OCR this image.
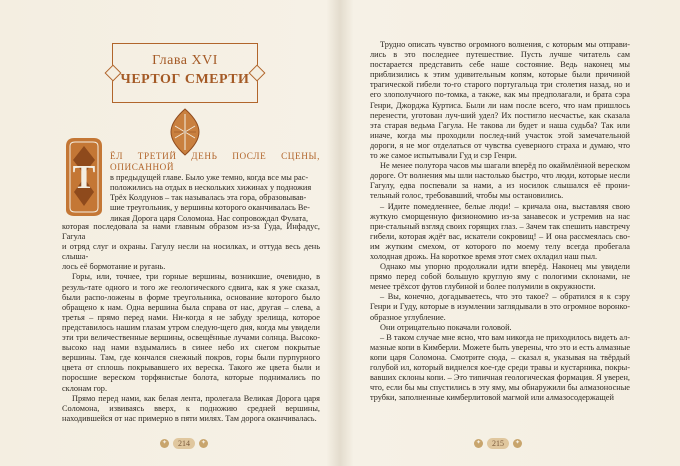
Глава XVI
ЧЕРТОГ СМЕРТИ
Т

ЁЛ ТРЕТИЙ ДЕНЬ ПОСЛЕ СЦЕНЫ, ОПИСАННОЙ

в предыдущей главе. Было уже темно, когда все мы рас-

положились на отдых в нескольких хижинах у подножия

Трёх Колдунов – так называлась эта гора, образовывав-

шие треугольник, у вершины которого оканчивалась Ве-

ликая Дорога царя Соломона. Нас сопровождал Фулата,

которая последовала за нами главным образом из-за Гуда, Инфадус, Гагула

и отряд слуг и охраны. Гагулу несли на носилках, и оттуда весь день слыша-

лось её бормотание и ругань.

Горы, или, точнее, три горные вершины, возникшие, очевидно, в резуль-тате одного и того же геологического сдвига, как я уже сказал, были распо-ложены в форме треугольника, основание которого было обращено к нам. Одна вершина была справа от нас, другая – слева, а третья – прямо перед нами. Ни-когда я не забуду зрелища, которое представилось нашим глазам утром следую-щего дня, когда мы увидели эти три величественные вершины, освещённые лучами солнца. Высоко-высоко над нами вздымались в синее небо их снегом покрытые вершины. Там, где кончался снежный покров, горы были пурпурного цвета от сплошь покрывавшего их вереска. Такого же цвета были и поросшие вереском торфянистые болота, которые поднимались по склонам гор.

Прямо перед нами, как белая лента, пролегала Великая Дорога царя Соломона, извиваясь вверх, к подножию средней вершины, находившейся от нас примерно в пяти милях. Там дорога оканчивалась.

✦	214	✦

Трудно описать чувство огромного волнения, с которым мы отправи-лись в это последнее путешествие. Пусть лучше читатель сам постарается представить себе наше состояние. Ведь наконец мы приблизились к этим удивительным копям, которые были причиной трагической гибели то-го старого португальца три столетия назад, но и его злополучного по-томка, а также, как мы предполагали, и брата сэра Генри, Джорджа Куртиса. Были ли нам после всего, что нам пришлось перенести, уготован луч-ший удел? Их постигло несчастье, как сказала эта старая ведьма Гагула. Не такова ли будет и наша судьба? Так или иначе, когда мы проходили послед-ний участок этой замечательной дороги, я не мог отделаться от чувства суеверного страха и думаю, что то же самое испытывали Гуд и сэр Генри.

Не менее полутора часов мы шагали вперёд по окаймлённой вереском дороге. От волнения мы шли настолько быстро, что люди, которые несли Гагулу, едва поспевали за нами, а из носилок слышался её прони-тельный голос, требовавший, чтобы мы остановились.

– Идите помедленнее, белые люди! – кричала она, выставляя свою жуткую сморщенную физиономию из-за занавесок и устремив на нас при-стальный взгляд своих горящих глаз. – Зачем так спешить навстречу гибели, которая ждёт вас, искатели сокровищ! – И она рассмеялась сво-им жутким смехом, от которого по моему телу всегда пробегала холодная дрожь. На короткое время этот смех охладил наш пыл.

Однако мы упорно продолжали идти вперёд. Наконец мы увидели прямо перед собой большую круглую яму с пологими склонами, не менее трёхсот футов глубиной и более полумили в окружности.

– Вы, конечно, догадываетесь, что это такое? – обратился я к сэру Генри и Гуду, которые в изумлении заглядывали в это огромное воронко-образное углубление.

Они отрицательно покачали головой.

– В таком случае мне ясно, что вам никогда не приходилось видеть ал-мазные копи в Кимберли. Можете быть уверены, что это и есть алмазные копи царя Соломона. Смотрите сюда, – сказал я, указывая на твёрдый голубой ил, который виднелся кое-где среди травы и кустарника, покры-вавших склоны копи. – Это типичная геологическая формация. Я уверен, что, если бы мы спустились в эту яму, мы обнаружили бы алмазоносные трубки, заполненные кимберлитовой магмой или алмазосодержащей

✦	215	✦
